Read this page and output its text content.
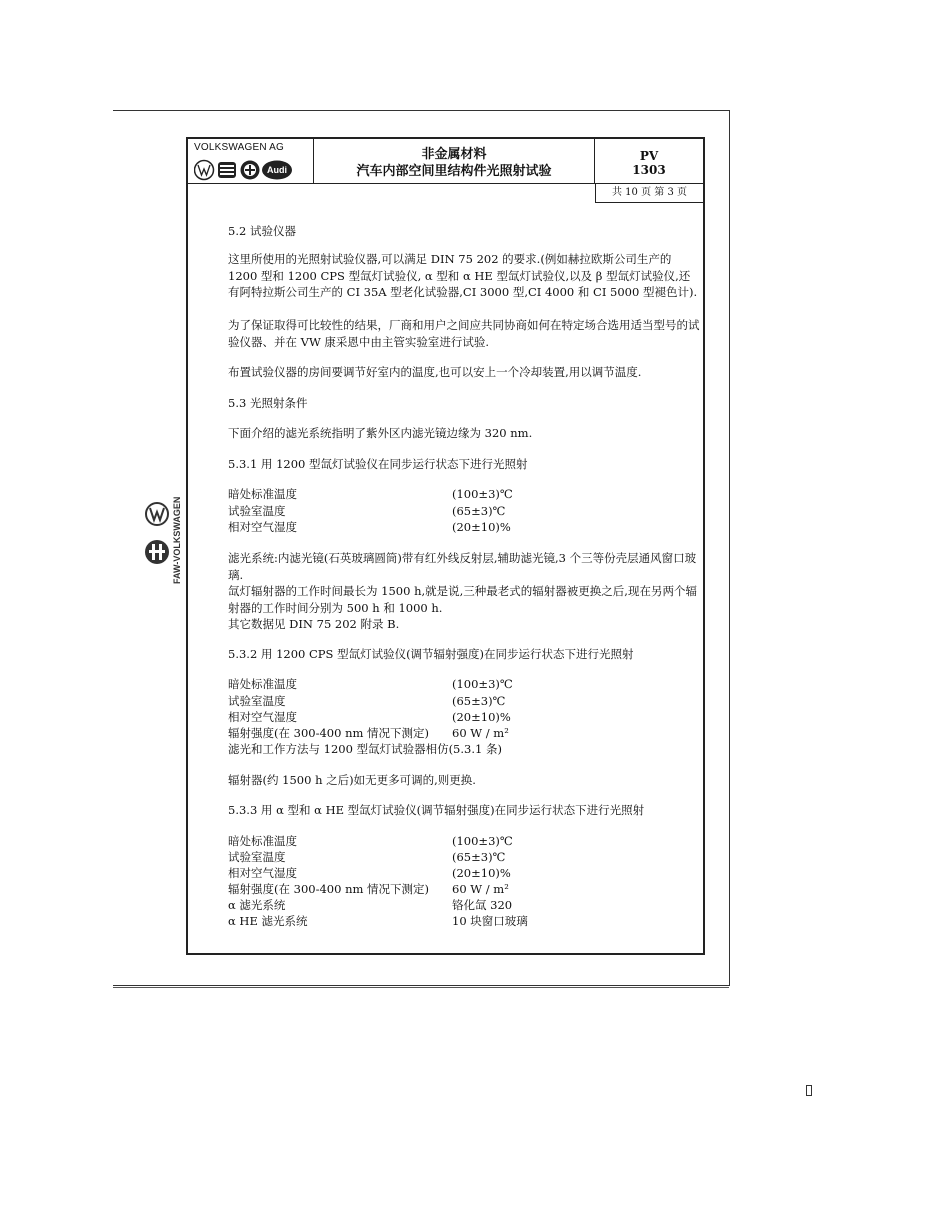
FAW-VOLKSWAGEN
VOLKSWAGEN AG
Audi
非金属材料
汽车内部空间里结构件光照射试验
PV
1303
共 10 页 第 3 页
5.2 试验仪器
这里所使用的光照射试验仪器,可以满足 DIN 75 202 的要求.(例如赫拉欧斯公司生产的 1200 型和 1200 CPS 型氙灯试验仪, α 型和 α HE 型氙灯试验仪,以及 β 型氙灯试验仪,还有阿特拉斯公司生产的 CI 35A 型老化试验器,CI 3000 型,CI 4000 和 CI 5000 型褪色计).
为了保证取得可比较性的结果，厂商和用户之间应共同协商如何在特定场合选用适当型号的试验仪器、并在 VW 康采恩中由主管实验室进行试验.
布置试验仪器的房间要调节好室内的温度,也可以安上一个冷却装置,用以调节温度.
5.3 光照射条件
下面介绍的滤光系统指明了紫外区内滤光镜边缘为 320 nm.
5.3.1 用 1200 型氙灯试验仪在同步运行状态下进行光照射
暗处标准温度	(100±3)℃
试验室温度	(65±3)℃
相对空气湿度	(20±10)%
滤光系统:内滤光镜(石英玻璃圆筒)带有红外线反射层,辅助滤光镜,3 个三等份壳层通风窗口玻璃.
氙灯辐射器的工作时间最长为 1500 h,就是说,三种最老式的辐射器被更换之后,现在另两个辐射器的工作时间分别为 500 h 和 1000 h.
其它数据见 DIN 75 202 附录 B.
5.3.2 用 1200 CPS 型氙灯试验仪(调节辐射强度)在同步运行状态下进行光照射
暗处标准温度	(100±3)℃
试验室温度	(65±3)℃
相对空气湿度	(20±10)%
辐射强度(在 300-400 nm 情况下测定) 60 W / m²
滤光和工作方法与 1200 型氙灯试验器相仿(5.3.1 条)
辐射器(约 1500 h 之后)如无更多可调的,则更换.
5.3.3 用 α 型和 α HE 型氙灯试验仪(调节辐射强度)在同步运行状态下进行光照射
暗处标准温度	(100±3)℃
试验室温度	(65±3)℃
相对空气湿度	(20±10)%
辐射强度(在 300-400 nm 情况下测定) 60 W / m²
α 滤光系统	铬化氙 320
α HE 滤光系统	10 块窗口玻璃
